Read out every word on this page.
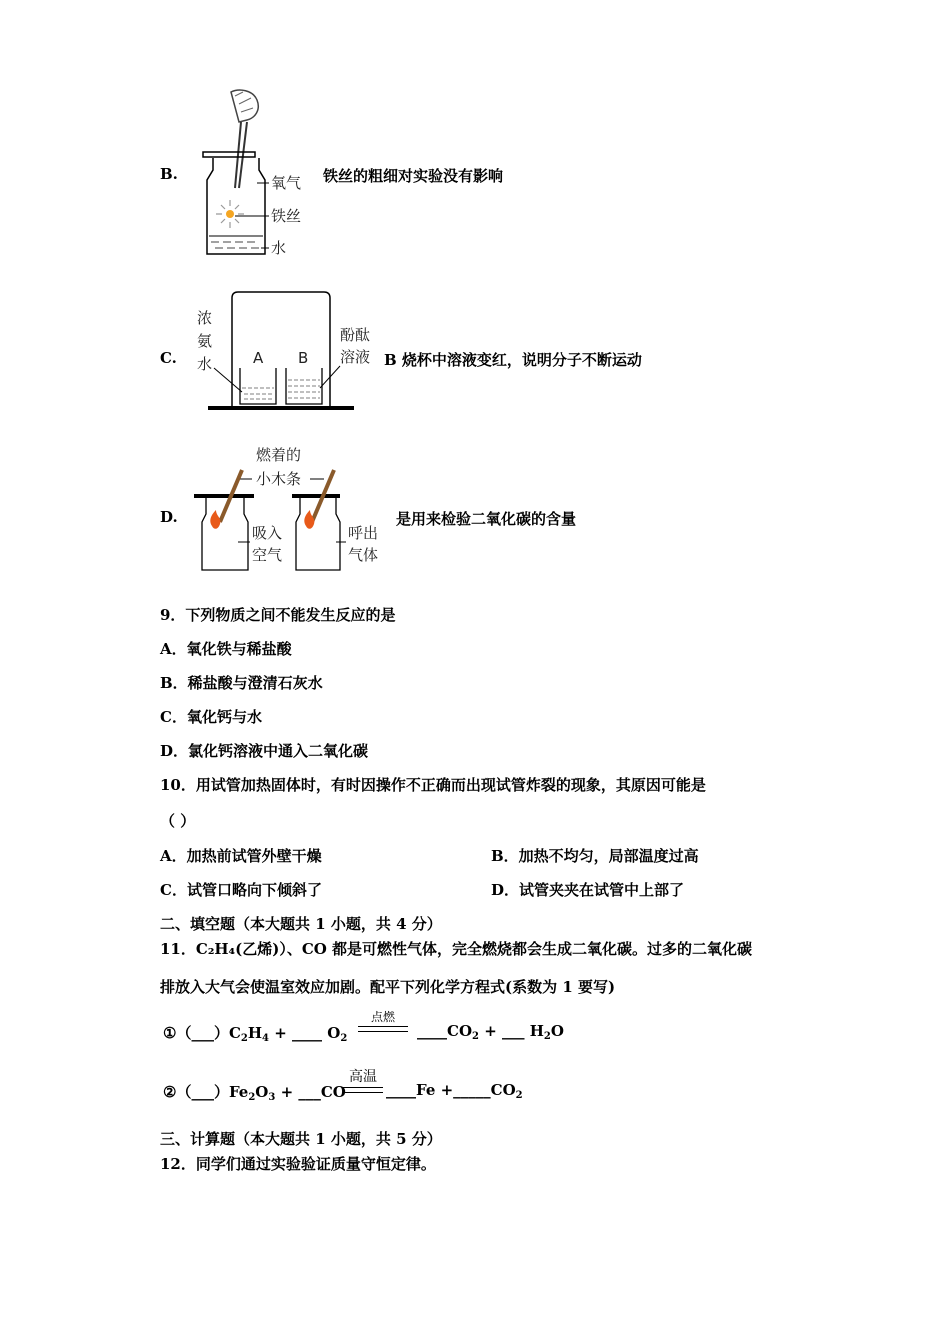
B.	氧气
铁丝
水
铁丝的粗细对实验没有影响
C.	A B
浓
氨
水
酚酞
溶液 B 烧杯中溶液变红，说明分子不断运动
D.
燃着的
小木条
吸入
空气
呼出
气体
是用来检验二氧化碳的含量
9．下列物质之间不能发生反应的是
A．氧化铁与稀盐酸
B．稀盐酸与澄清石灰水
C．氧化钙与水
D．氯化钙溶液中通入二氧化碳
10．用试管加热固体时，有时因操作不正确而出现试管炸裂的现象，其原因可能是
（ ）
A．加热前试管外壁干燥	B．加热不均匀，局部温度过高
C．试管口略向下倾斜了	D．试管夹夹在试管中上部了
二、填空题（本大题共 1 小题，共 4 分）
11．C₂H₄(乙烯)）、CO 都是可燃性气体，完全燃烧都会生成二氧化碳。过多的二氧化碳
排放入大气会使温室效应加剧。配平下列化学方程式(系数为 1 要写)
$①(\_\_\_)C_2H_4$ + ____ $O_2$
点燃
$\_\_\_\_CO_2$ + ___ $H_2O$
$②(\_\_\_)Fe_2O_3$ + ___CO
高温
____Fe $+\_\_\_\_\_CO_2$
三、计算题（本大题共 1 小题，共 5 分）
12．同学们通过实验验证质量守恒定律。
